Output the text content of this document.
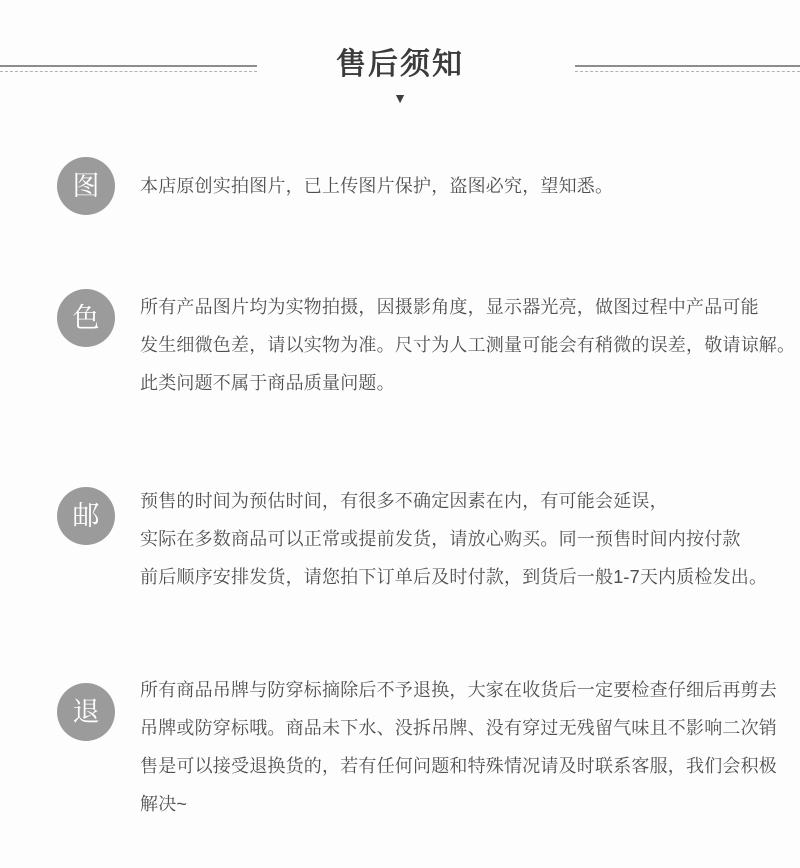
售后须知
▼
图	本店原创实拍图片，已上传图片保护，盗图必究，望知悉。
色	所有产品图片均为实物拍摄，因摄影角度，显示器光亮，做图过程中产品可能
发生细微色差，请以实物为准。尺寸为人工测量可能会有稍微的误差，敬请谅解。
此类问题不属于商品质量问题。
邮	预售的时间为预估时间，有很多不确定因素在内，有可能会延误，
实际在多数商品可以正常或提前发货，请放心购买。同一预售时间内按付款
前后顺序安排发货，请您拍下订单后及时付款，到货后一般1-7天内质检发出。
退
所有商品吊牌与防穿标摘除后不予退换，大家在收货后一定要检查仔细后再剪去
吊牌或防穿标哦。商品未下水、没拆吊牌、没有穿过无残留气味且不影响二次销
售是可以接受退换货的，若有任何问题和特殊情况请及时联系客服，我们会积极
解决~
